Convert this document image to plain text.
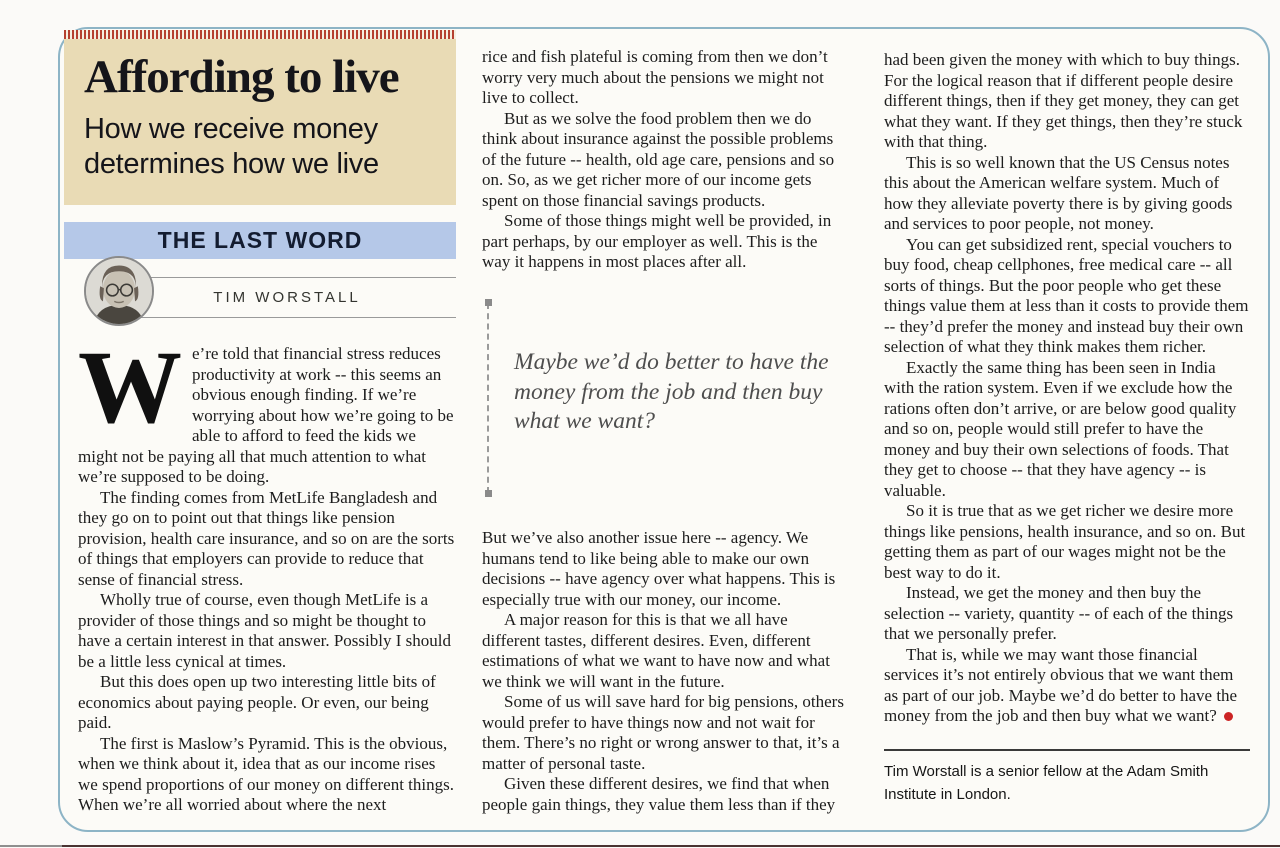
Affording to live
How we receive money determines how we live
THE LAST WORD
TIM WORSTALL

We’re told that financial stress reduces productivity at work -- this seems an obvious enough finding. If we’re worrying about how we’re going to be able to afford to feed the kids we might not be paying all that much attention to what we’re supposed to be doing.

The finding comes from MetLife Bangladesh and they go on to point out that things like pension provision, health care insurance, and so on are the sorts of things that employers can provide to reduce that sense of financial stress.

Wholly true of course, even though MetLife is a provider of those things and so might be thought to have a certain interest in that answer. Possibly I should be a little less cynical at times.

But this does open up two interesting little bits of economics about paying people. Or even, our being paid.

The first is Maslow’s Pyramid. This is the obvious, when we think about it, idea that as our income rises we spend proportions of our money on different things. When we’re all worried about where the next

rice and fish plateful is coming from then we don’t worry very much about the pensions we might not live to collect.

But as we solve the food problem then we do think about insurance against the possible problems of the future -- health, old age care, pensions and so on. So, as we get richer more of our income gets spent on those financial savings products.

Some of those things might well be provided, in part perhaps, by our employer as well. This is the way it happens in most places after all.

Maybe we’d do better to have the money from the job and then buy what we want?

But we’ve also another issue here -- agency. We humans tend to like being able to make our own decisions -- have agency over what happens. This is especially true with our money, our income.

A major reason for this is that we all have different tastes, different desires. Even, different estimations of what we want to have now and what we think we will want in the future.

Some of us will save hard for big pensions, others would prefer to have things now and not wait for them. There’s no right or wrong answer to that, it’s a matter of personal taste.

Given these different desires, we find that when people gain things, they value them less than if they

had been given the money with which to buy things. For the logical reason that if different people desire different things, then if they get money, they can get what they want. If they get things, then they’re stuck with that thing.

This is so well known that the US Census notes this about the American welfare system. Much of how they alleviate poverty there is by giving goods and services to poor people, not money.

You can get subsidized rent, special vouchers to buy food, cheap cellphones, free medical care -- all sorts of things. But the poor people who get these things value them at less than it costs to provide them -- they’d prefer the money and instead buy their own selection of what they think makes them richer.

Exactly the same thing has been seen in India with the ration system. Even if we exclude how the rations often don’t arrive, or are below good quality and so on, people would still prefer to have the money and buy their own selections of foods. That they get to choose -- that they have agency -- is valuable.

So it is true that as we get richer we desire more things like pensions, health insurance, and so on. But getting them as part of our wages might not be the best way to do it.

Instead, we get the money and then buy the selection -- variety, quantity -- of each of the things that we personally prefer.

That is, while we may want those financial services it’s not entirely obvious that we want them as part of our job. Maybe we’d do better to have the money from the job and then buy what we want?

Tim Worstall is a senior fellow at the Adam Smith Institute in London.
